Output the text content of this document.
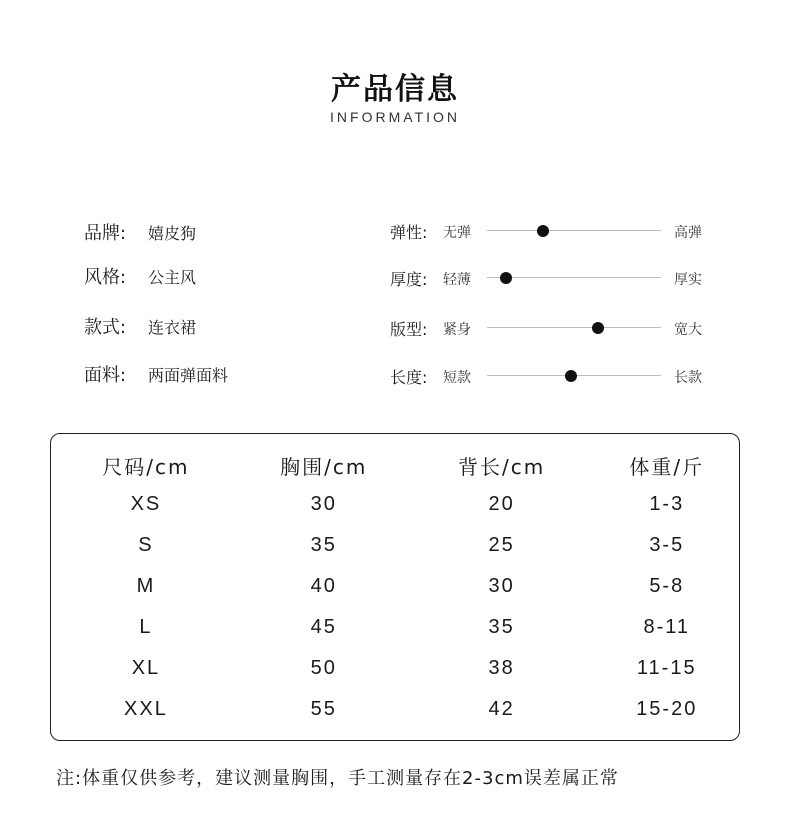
产品信息
INFORMATION
品牌:	嬉皮狗
风格:	公主风
款式:	连衣裙
面料:	两面弹面料
弹性: 无弹	高弹
厚度: 轻薄	厚实
版型: 紧身	宽大
长度: 短款	长款
尺码/cm	胸围/cm	背长/cm	体重/斤
XS	30	20	1-3
S	35	25	3-5
M	40	30	5-8
L	45	35	8-11
XL	50	38	11-15
XXL	55	42	15-20
注:体重仅供参考，建议测量胸围，手工测量存在2-3cm误差属正常
